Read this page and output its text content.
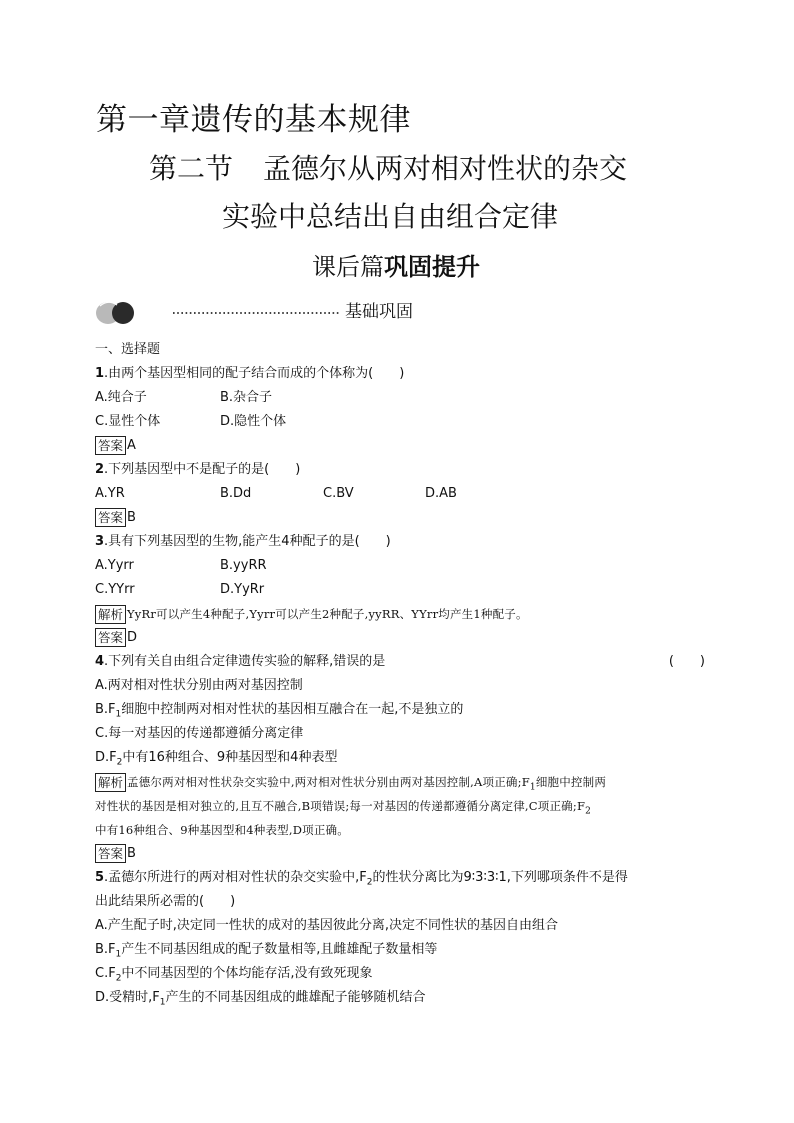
第一章遗传的基本规律
第二节 孟德尔从两对相对性状的杂交
实验中总结出自由组合定律
课后篇巩固提升
基础巩固
一、选择题
1.由两个基因型相同的配子结合而成的个体称为(　　)
A.纯合子	B.杂合子
C.显性个体	D.隐性个体
答案 A
2.下列基因型中不是配子的是(　　)
A.YR	B.Dd	C.BV	D.AB
答案 B
3.具有下列基因型的生物,能产生4种配子的是(　　)
A.Yyrr	B.yyRR
C.YYrr	D.YyRr
解析 YyRr可以产生4种配子,Yyrr可以产生2种配子,yyRR、YYrr均产生1种配子。
答案 D
4.下列有关自由组合定律遗传实验的解释,错误的是	(　　)
A.两对相对性状分别由两对基因控制
$B.F_1$细胞中控制两对相对性状的基因相互融合在一起,不是独立的
C.每一对基因的传递都遵循分离定律
$D.F_2$中有16种组合、9种基因型和4种表型
解析 孟德尔两对相对性状杂交实验中,两对相对性状分别由两对基因控制,A项正确$;F_1$细胞中控制两
对性状的基因是相对独立的,且互不融合,B项错误;每一对基因的传递都遵循分离定律,C项正确$;F_2$
中有16种组合、9种基因型和4种表型,D项正确。
答案 B
5.孟德尔所进行的两对相对性状的杂交实验中$,F_2$的性状分离比为9∶3∶3∶1,下列哪项条件不是得
出此结果所必需的(　　)
A.产生配子时,决定同一性状的成对的基因彼此分离,决定不同性状的基因自由组合
$B.F_1$产生不同基因组成的配子数量相等,且雌雄配子数量相等
$C.F_2$中不同基因型的个体均能存活,没有致死现象
D.受精时$,F_1$产生的不同基因组成的雌雄配子能够随机结合
